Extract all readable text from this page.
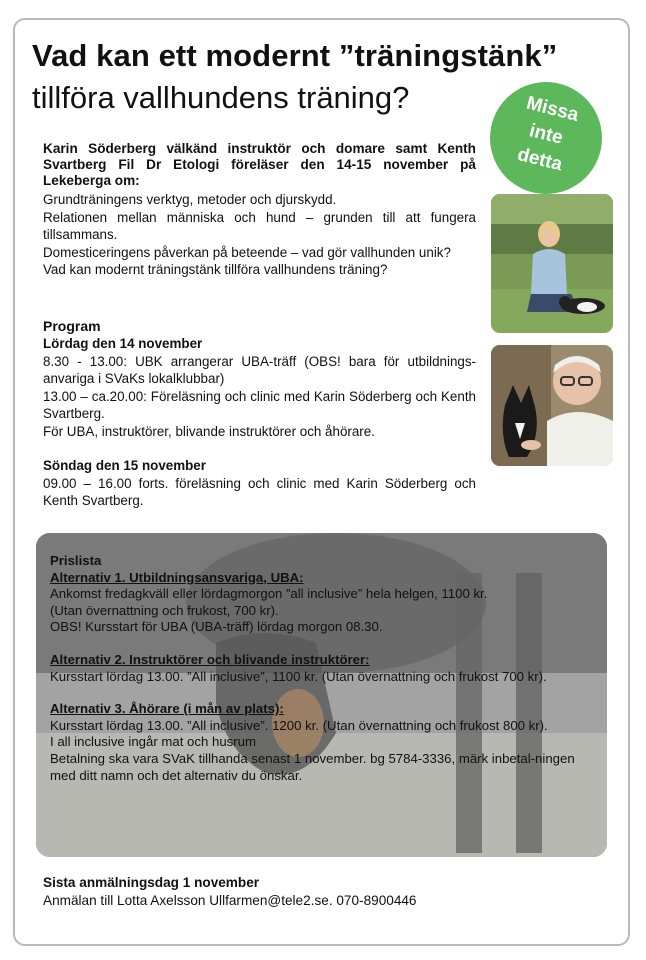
Vad kan ett modernt ”träningstänk”
tillföra vallhundens träning?	Missa
inte
detta

Karin Söderberg välkänd instruktör och domare samt Kenth Svartberg Fil Dr Etologi föreläser den 14-15 november på Lekeberga om:

Grundträningens verktyg, metoder och djurskydd.

Relationen mellan människa och hund – grunden till att fungera tillsammans.

Domesticeringens påverkan på beteende – vad gör vallhunden unik?

Vad kan modernt träningstänk tillföra vallhundens träning?

Program

Lördag den 14 november

8.30 - 13.00: UBK arrangerar UBA-träff (OBS! bara för utbildnings-anvariga i SVaKs lokalklubbar)

13.00 – ca.20.00: Föreläsning och clinic med Karin Söderberg och Kenth Svartberg.

För UBA, instruktörer, blivande instruktörer och åhörare.

Söndag den 15 november

09.00 – 16.00 forts. föreläsning och clinic med Karin Söderberg och Kenth Svartberg.

Prislista

Alternativ 1. Utbildningsansvariga, UBA:

Ankomst fredagkväll eller lördagmorgon ”all inclusive” hela helgen, 1100 kr.

(Utan övernattning och frukost, 700 kr).

OBS! Kursstart för UBA (UBA-träff) lördag morgon 08.30.

Alternativ 2. Instruktörer och blivande instruktörer:

Kursstart lördag 13.00. ”All inclusive”, 1100 kr. (Utan övernattning och frukost 700 kr).

Alternativ 3. Åhörare (i mån av plats):

Kursstart lördag 13.00. ”All inclusive”. 1200 kr. (Utan övernattning och frukost 800 kr).

I all inclusive ingår mat och husrum

Betalning ska vara SVaK tillhanda senast 1 november. bg 5784-3336, märk inbetal-ningen med ditt namn och det alternativ du önskar.

Sista anmälningsdag 1 november
Anmälan till Lotta Axelsson Ullfarmen@tele2.se. 070-8900446
